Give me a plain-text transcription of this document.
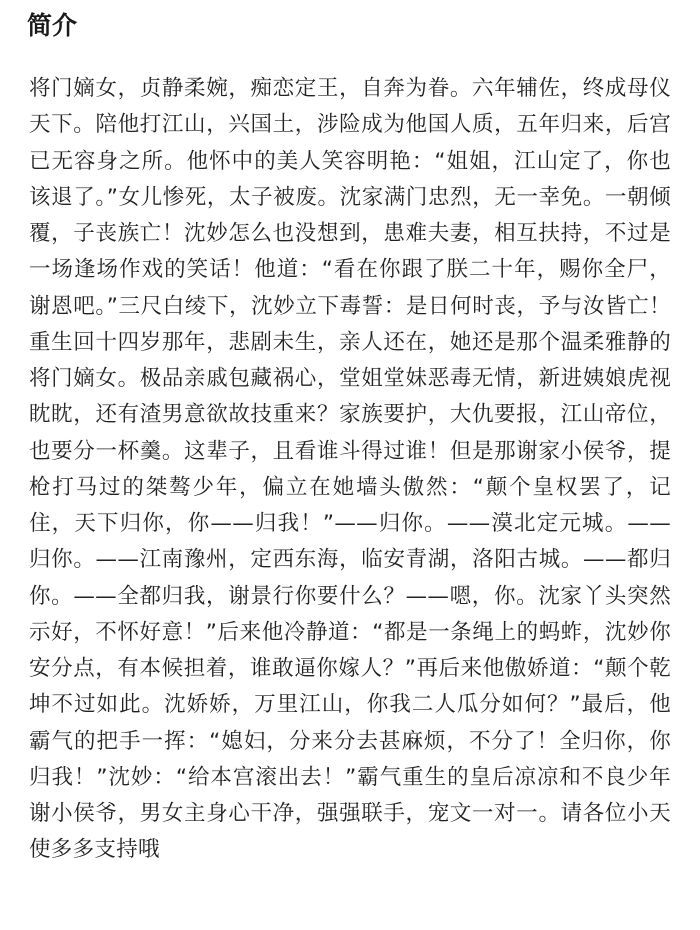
简介

将门嫡女，贞静柔婉，痴恋定王，自奔为眷。六年辅佐，终成母仪天下。陪他打江山，兴国土，涉险成为他国人质，五年归来，后宫已无容身之所。他怀中的美人笑容明艳：“姐姐，江山定了，你也该退了。”女儿惨死，太子被废。沈家满门忠烈，无一幸免。一朝倾覆，子丧族亡！沈妙怎么也没想到，患难夫妻，相互扶持，不过是一场逢场作戏的笑话！他道：“看在你跟了朕二十年，赐你全尸，谢恩吧。”三尺白绫下，沈妙立下毒誓：是日何时丧，予与汝皆亡！重生回十四岁那年，悲剧未生，亲人还在，她还是那个温柔雅静的将门嫡女。极品亲戚包藏祸心，堂姐堂妹恶毒无情，新进姨娘虎视眈眈，还有渣男意欲故技重来？家族要护，大仇要报，江山帝位，也要分一杯羹。这辈子，且看谁斗得过谁！但是那谢家小侯爷，提枪打马过的桀骜少年，偏立在她墙头傲然：“颠个皇权罢了，记住，天下归你，你——归我！”——归你。——漠北定元城。——归你。——江南豫州，定西东海，临安青湖，洛阳古城。——都归你。——全都归我，谢景行你要什么？——嗯，你。沈家丫头突然示好，不怀好意！”后来他冷静道：“都是一条绳上的蚂蚱，沈妙你安分点，有本候担着，谁敢逼你嫁人？”再后来他傲娇道：“颠个乾坤不过如此。沈娇娇，万里江山，你我二人瓜分如何？”最后，他霸气的把手一挥：“媳妇，分来分去甚麻烦，不分了！全归你，你归我！”沈妙：“给本宫滚出去！”霸气重生的皇后凉凉和不良少年谢小侯爷，男女主身心干净，强强联手，宠文一对一。请各位小天使多多支持哦
